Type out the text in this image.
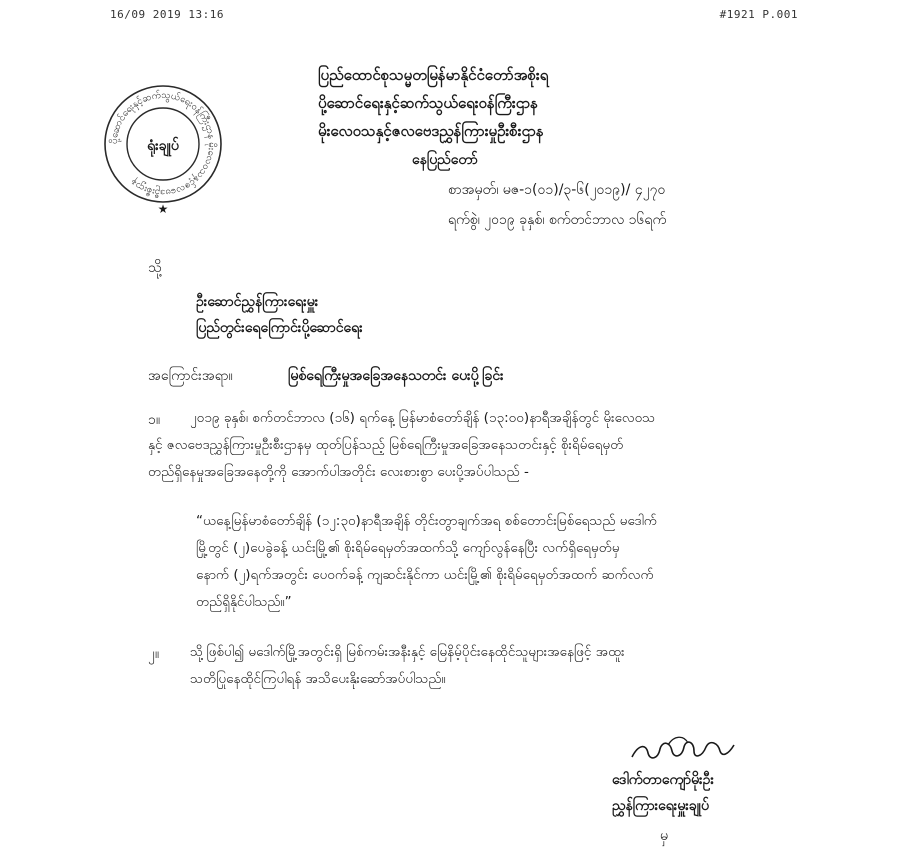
16/09 2019 13:16	#1921 P.001
ပို့ဆောင်ရေးနှင့်ဆက်သွယ်ရေးဝန်ကြီးဌာန မိုးလေဝသနှင့်ဇလဗေဒဦးစီးဌာန
ရုံးချုပ်
★
ပြည်ထောင်စုသမ္မတမြန်မာနိုင်ငံတော်အစိုးရ
ပို့ဆောင်ရေးနှင့်ဆက်သွယ်ရေးဝန်ကြီးဌာန
မိုးလေဝသနှင့်ဇလဗေဒညွှန်ကြားမှုဦးစီးဌာန
နေပြည်တော်
စာအမှတ်၊ မဇ-၁(၀၁)/၃-၆(၂၀၁၉)/ ၄၂၇၀
ရက်စွဲ၊ ၂၀၁၉ ခုနှစ်၊ စက်တင်ဘာလ ၁၆ရက်
သို့
ဦးဆောင်ညွှန်ကြားရေးမှူး
ပြည်တွင်းရေကြောင်းပို့ဆောင်ရေး
အကြောင်းအရာ။	မြစ်ရေကြီးမှုအခြေအနေသတင်း ပေးပို့ခြင်း
၁။ ၂၀၁၉ ခုနှစ်၊ စက်တင်ဘာလ (၁၆) ရက်နေ့ မြန်မာစံတော်ချိန် (၁၃:၀၀)နာရီအချိန်တွင် မိုးလေဝသ
နှင့် ဇလဗေဒညွှန်ကြားမှုဦးစီးဌာနမှ ထုတ်ပြန်သည့် မြစ်ရေကြီးမှုအခြေအနေသတင်းနှင့် စိုးရိမ်ရေမှတ်
တည်ရှိနေမှုအခြေအနေတို့ကို အောက်ပါအတိုင်း လေးစားစွာ ပေးပို့အပ်ပါသည် -
“ယနေ့မြန်မာစံတော်ချိန် (၁၂:၃၀)နာရီအချိန် တိုင်းတွာချက်အရ စစ်တောင်းမြစ်ရေသည် မဒေါက်
မြို့တွင် (၂)ပေခွဲခန့် ယင်းမြို့၏ စိုးရိမ်ရေမှတ်အထက်သို့ ကျော်လွန်နေပြီး လက်ရှိရေမှတ်မှ
နောက် (၂)ရက်အတွင်း ပေ၀က်ခန့် ကျဆင်းနိုင်ကာ ယင်းမြို့၏ စိုးရိမ်ရေမှတ်အထက် ဆက်လက်
တည်ရှိနိုင်ပါသည်။”
၂။ သို့ဖြစ်ပါ၍ မဒေါက်မြို့အတွင်းရှိ မြစ်ကမ်းအနီးနှင့် မြေနိမ့်ပိုင်းနေထိုင်သူများအနေဖြင့် အထူး
သတိပြုနေထိုင်ကြပါရန် အသိပေးနိုးဆော်အပ်ပါသည်။
ဒေါက်တာကျော်မိုးဦး
ညွှန်ကြားရေးမှူးချုပ်
မှ
